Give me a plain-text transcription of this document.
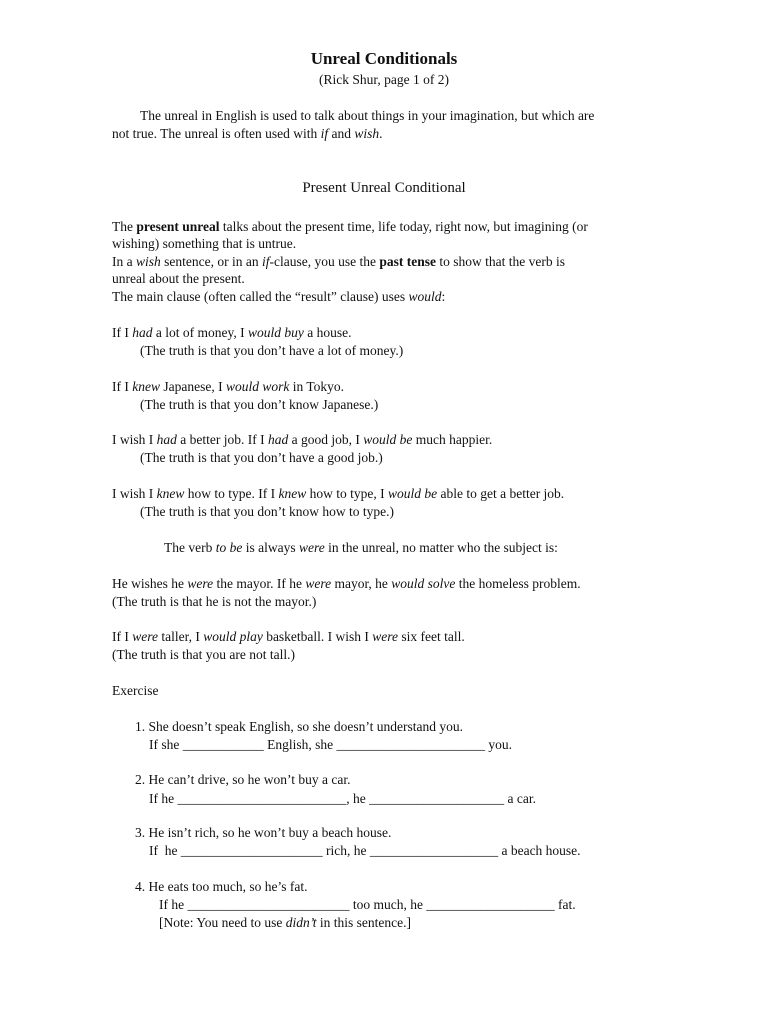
Unreal Conditionals
(Rick Shur, page 1 of 2)
The unreal in English is used to talk about things in your imagination, but which are
not true. The unreal is often used with if and wish.
Present Unreal Conditional
The present unreal talks about the present time, life today, right now, but imagining (or
wishing) something that is untrue.
In a wish sentence, or in an if-clause, you use the past tense to show that the verb is
unreal about the present.
The main clause (often called the “result” clause) uses would:
If I had a lot of money, I would buy a house.
(The truth is that you don’t have a lot of money.)
If I knew Japanese, I would work in Tokyo.
(The truth is that you don’t know Japanese.)
I wish I had a better job. If I had a good job, I would be much happier.
(The truth is that you don’t have a good job.)
I wish I knew how to type. If I knew how to type, I would be able to get a better job.
(The truth is that you don’t know how to type.)
The verb to be is always were in the unreal, no matter who the subject is:
He wishes he were the mayor. If he were mayor, he would solve the homeless problem.
(The truth is that he is not the mayor.)
If I were taller, I would play basketball. I wish I were six feet tall.
(The truth is that you are not tall.)
Exercise
1. She doesn’t speak English, so she doesn’t understand you.
If she ____________ English, she ______________________ you.
2. He can’t drive, so he won’t buy a car.
If he _________________________, he ____________________ a car.
3. He isn’t rich, so he won’t buy a beach house.
If  he _____________________ rich, he ___________________ a beach house.
4. He eats too much, so he’s fat.
If he ________________________ too much, he ___________________ fat.
[Note: You need to use didn’t in this sentence.]
